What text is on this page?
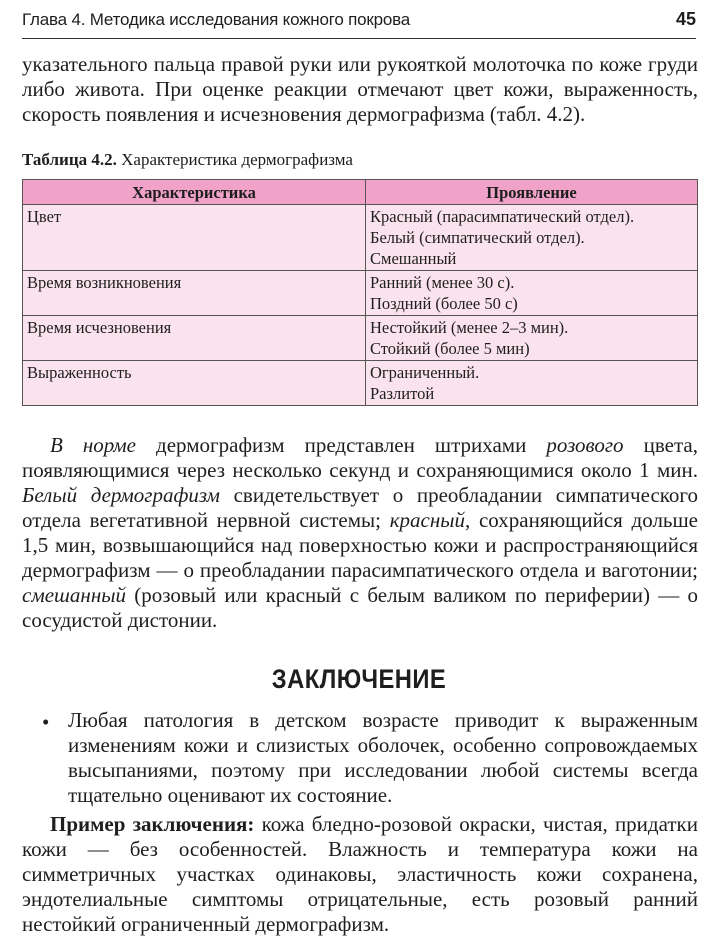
Глава 4. Методика исследования кожного покрова	45

указательного пальца правой руки или рукояткой молоточка по коже груди либо живота. При оценке реакции отмечают цвет кожи, выраженность, скорость появления и исчезновения дермографизма (табл. 4.2).

Таблица 4.2. Характеристика дермографизма
Характеристика	Проявление
Цвет	Красный (парасимпатический отдел).
Белый (симпатический отдел).
Смешанный

Время возникновения	Ранний (менее 30 с).
Поздний (более 50 с)

Время исчезновения	Нестойкий (менее 2–3 мин).
Стойкий (более 5 мин)

Выраженность	Ограниченный.
Разлитой

В норме дермографизм представлен штрихами розового цвета, появляющимися через несколько секунд и сохраняющимися около 1 мин. Белый дермографизм свидетельствует о преобладании симпатического отдела вегетативной нервной системы; красный, сохраняющийся дольше 1,5 мин, возвышающийся над поверхностью кожи и распространяющийся дермографизм — о преобладании парасимпатического отдела и ваготонии; смешанный (розовый или красный с белым валиком по периферии) — о сосудистой дистонии.

ЗАКЛЮЧЕНИЕ
• Любая патология в детском возрасте приводит к выраженным изменениям кожи и слизистых оболочек, особенно сопровождаемых высыпаниями, поэтому при исследовании любой системы всегда тщательно оценивают их состояние.

Пример заключения: кожа бледно-розовой окраски, чистая, придатки кожи — без особенностей. Влажность и температура кожи на симметричных участках одинаковы, эластичность кожи сохранена, эндотелиальные симптомы отрицательные, есть розовый ранний нестойкий ограниченный дермографизм.
